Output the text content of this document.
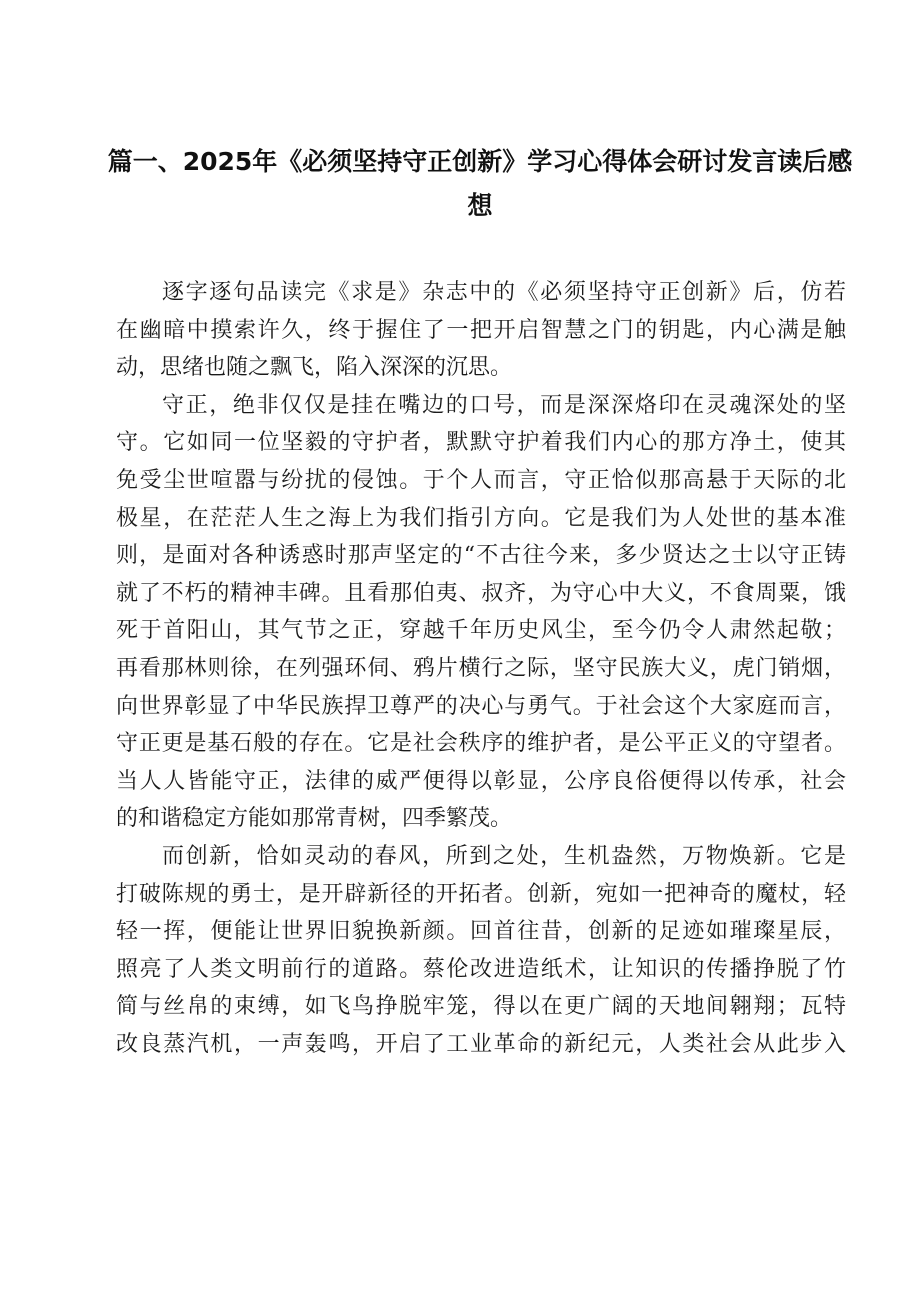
篇一、2025年《必须坚持守正创新》学习心得体会研讨发言读后感
想
逐字逐句品读完《求是》杂志中的《必须坚持守正创新》后，仿若
在幽暗中摸索许久，终于握住了一把开启智慧之门的钥匙，内心满是触
动，思绪也随之飘飞，陷入深深的沉思。
守正，绝非仅仅是挂在嘴边的口号，而是深深烙印在灵魂深处的坚
守。它如同一位坚毅的守护者，默默守护着我们内心的那方净土，使其
免受尘世喧嚣与纷扰的侵蚀。于个人而言，守正恰似那高悬于天际的北
极星，在茫茫人生之海上为我们指引方向。它是我们为人处世的基本准
则，是面对各种诱惑时那声坚定的“不古往今来，多少贤达之士以守正铸
就了不朽的精神丰碑。且看那伯夷、叔齐，为守心中大义，不食周粟，饿
死于首阳山，其气节之正，穿越千年历史风尘，至今仍令人肃然起敬；
再看那林则徐，在列强环伺、鸦片横行之际，坚守民族大义，虎门销烟，
向世界彰显了中华民族捍卫尊严的决心与勇气。于社会这个大家庭而言，
守正更是基石般的存在。它是社会秩序的维护者，是公平正义的守望者。
当人人皆能守正，法律的威严便得以彰显，公序良俗便得以传承，社会
的和谐稳定方能如那常青树，四季繁茂。
而创新，恰如灵动的春风，所到之处，生机盎然，万物焕新。它是
打破陈规的勇士，是开辟新径的开拓者。创新，宛如一把神奇的魔杖，轻
轻一挥，便能让世界旧貌换新颜。回首往昔，创新的足迹如璀璨星辰，
照亮了人类文明前行的道路。蔡伦改进造纸术，让知识的传播挣脱了竹
简与丝帛的束缚，如飞鸟挣脱牢笼，得以在更广阔的天地间翱翔；瓦特
改良蒸汽机，一声轰鸣，开启了工业革命的新纪元，人类社会从此步入
